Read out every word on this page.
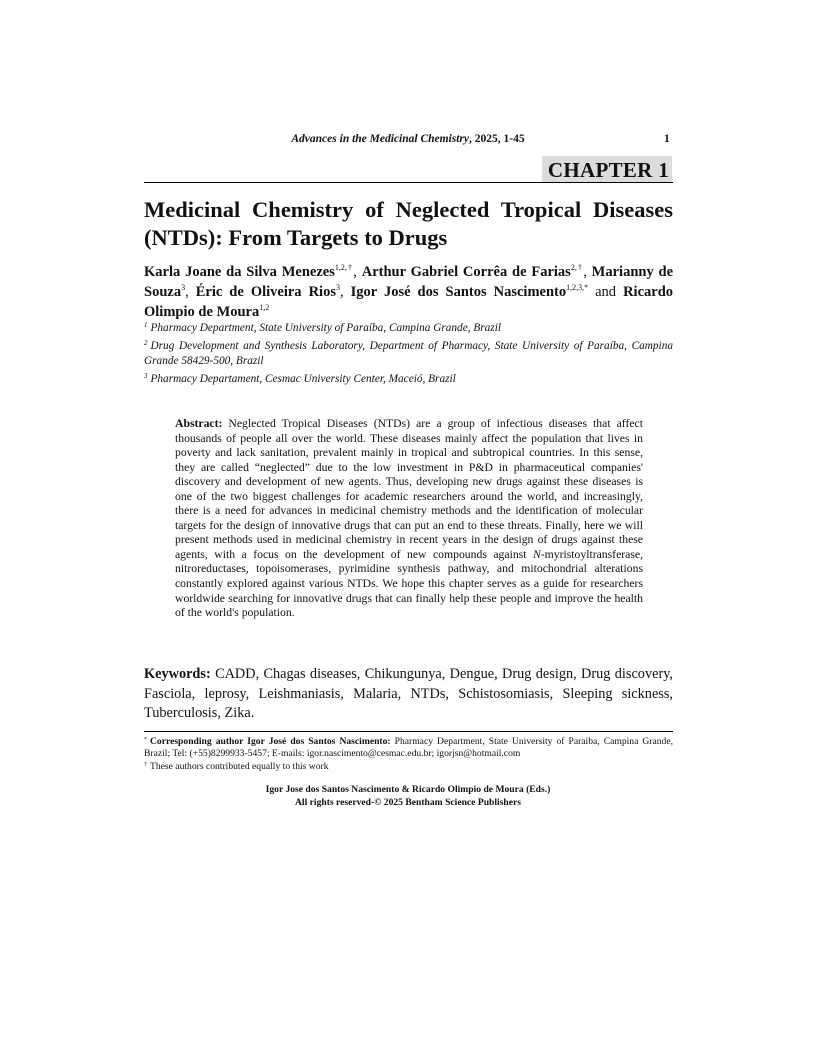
Advances in the Medicinal Chemistry, 2025, 1-45	1
CHAPTER 1
Medicinal Chemistry of Neglected Tropical Diseases (NTDs): From Targets to Drugs
Karla Joane da Silva Menezes$^{1,2,\dagger}$, Arthur Gabriel Corrêa de Farias$^{2,\dagger}$, Marianny de Souza$^3$, Éric de Oliveira Rios$^3$, Igor José dos Santos Nascimento$^{1,2,3,*}$ and Ricardo Olimpio de Moura$^{1,2}$
$^1$ Pharmacy Department, State University of Paraíba, Campina Grande, Brazil
$^2$ Drug Development and Synthesis Laboratory, Department of Pharmacy, State University of Paraíba, Campina Grande 58429-500, Brazil
$^3$ Pharmacy Departament, Cesmac University Center, Maceió, Brazil
Abstract: Neglected Tropical Diseases (NTDs) are a group of infectious diseases that affect thousands of people all over the world. These diseases mainly affect the population that lives in poverty and lack sanitation, prevalent mainly in tropical and subtropical countries. In this sense, they are called “neglected” due to the low investment in P&D in pharmaceutical companies' discovery and development of new agents. Thus, developing new drugs against these diseases is one of the two biggest challenges for academic researchers around the world, and increasingly, there is a need for advances in medicinal chemistry methods and the identification of molecular targets for the design of innovative drugs that can put an end to these threats. Finally, here we will present methods used in medicinal chemistry in recent years in the design of drugs against these agents, with a focus on the development of new compounds against N-myristoyltransferase, nitroreductases, topoisomerases, pyrimidine synthesis pathway, and mitochondrial alterations constantly explored against various NTDs. We hope this chapter serves as a guide for researchers worldwide searching for innovative drugs that can finally help these people and improve the health of the world's population.
Keywords: CADD, Chagas diseases, Chikungunya, Dengue, Drug design, Drug discovery, Fasciola, leprosy, Leishmaniasis, Malaria, NTDs, Schistosomiasis, Sleeping sickness, Tuberculosis, Zika.
* Corresponding author Igor José dos Santos Nascimento: Pharmacy Department, State University of Paraiba, Campina Grande, Brazil; Tel: (+55)8299933-5457; E-mails: igor.nascimento@cesmac.edu.br; igorjsn@hotmail.com
† These authors contributed equally to this work
Igor Jose dos Santos Nascimento & Ricardo Olimpio de Moura (Eds.)
All rights reserved-© 2025 Bentham Science Publishers
